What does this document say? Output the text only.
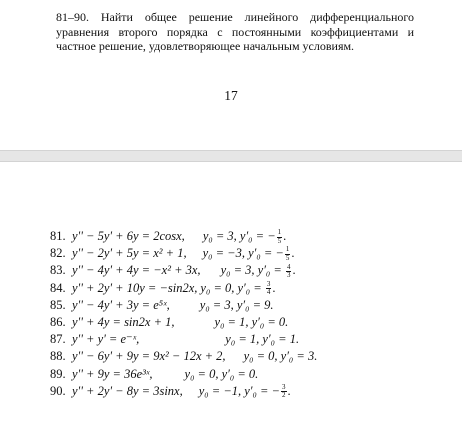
81–90. Найти общее решение линейного дифференциального уравнения второго порядка с постоянными коэффициентами и частное решение, удовлетворяющее начальным условиям.

17
81. y'' − 5y' + 6y = 2cosx, y₀ = 3, y′₀ = − $\frac{1}{5}$ .
82. y'' − 2y' + 5y = x² + 1, y₀ = −3, y′₀ = − $\frac{1}{5}$ .
83. y'' − 4y' + 4y = −x² + 3x, y₀ = 3, $y'_0 = \frac{4}{3}$ .
84. y'' + 2y' + 10y = −sin2x, y₀ = 0, $y'_0 = \frac{3}{4}$ .
85. y'' − 4y' + 3y = e⁵ˣ, y₀ = 3, y′₀ = 9.
86. y'' + 4y = sin2x + 1,	y₀ = 1, y′₀ = 0.
87. y'' + y' = e⁻ˣ,	y₀ = 1, y′₀ = 1.
88. y'' − 6y' + 9y = 9x² − 12x + 2, y₀ = 0, y′₀ = 3.
89. y'' + 9y = 36e³ˣ,	y₀ = 0, y′₀ = 0.
90. y'' + 2y' − 8y = 3sinx, y₀ = −1, y′₀ = − $\frac{3}{2}$ .
